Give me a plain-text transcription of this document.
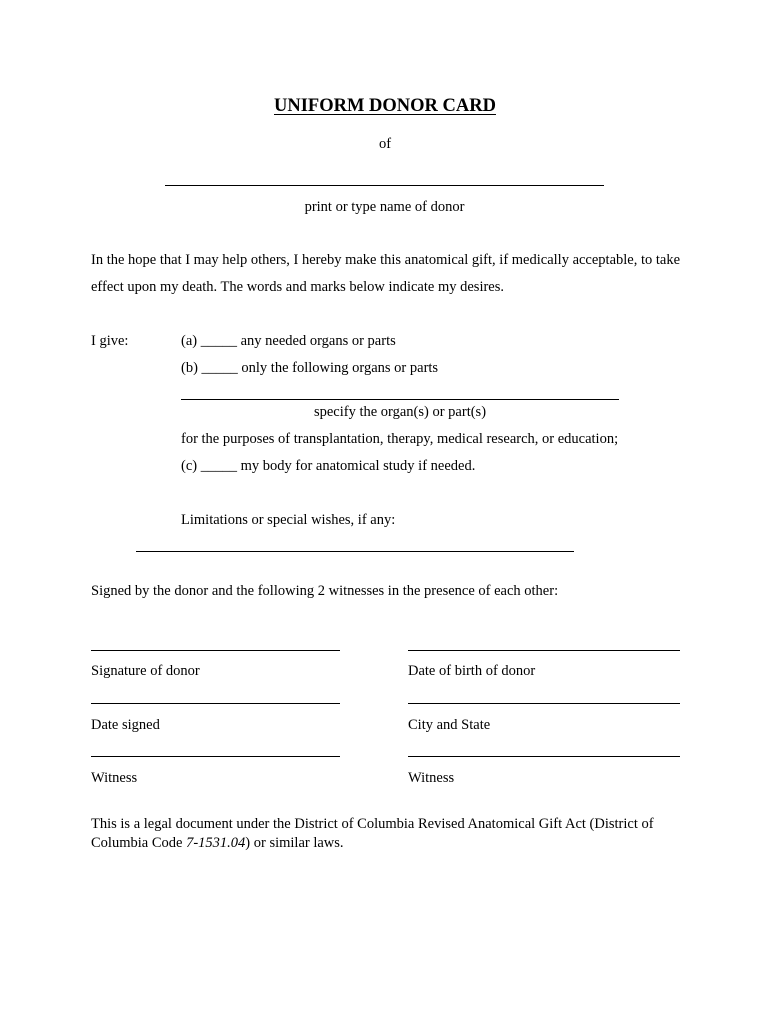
UNIFORM DONOR CARD
of
print or type name of donor
In the hope that I may help others, I hereby make this anatomical gift, if medically acceptable, to take effect upon my death. The words and marks below indicate my desires.
I give:	(a) _____ any needed organs or parts
(b) _____ only the following organs or parts
specify the organ(s) or part(s)
for the purposes of transplantation, therapy, medical research, or education;
(c) _____ my body for anatomical study if needed.
Limitations or special wishes, if any:
Signed by the donor and the following 2 witnesses in the presence of each other:
Signature of donor	Date of birth of donor
Date signed	City and State
Witness	Witness
This is a legal document under the District of Columbia Revised Anatomical Gift Act (District of Columbia Code 7-1531.04) or similar laws.
